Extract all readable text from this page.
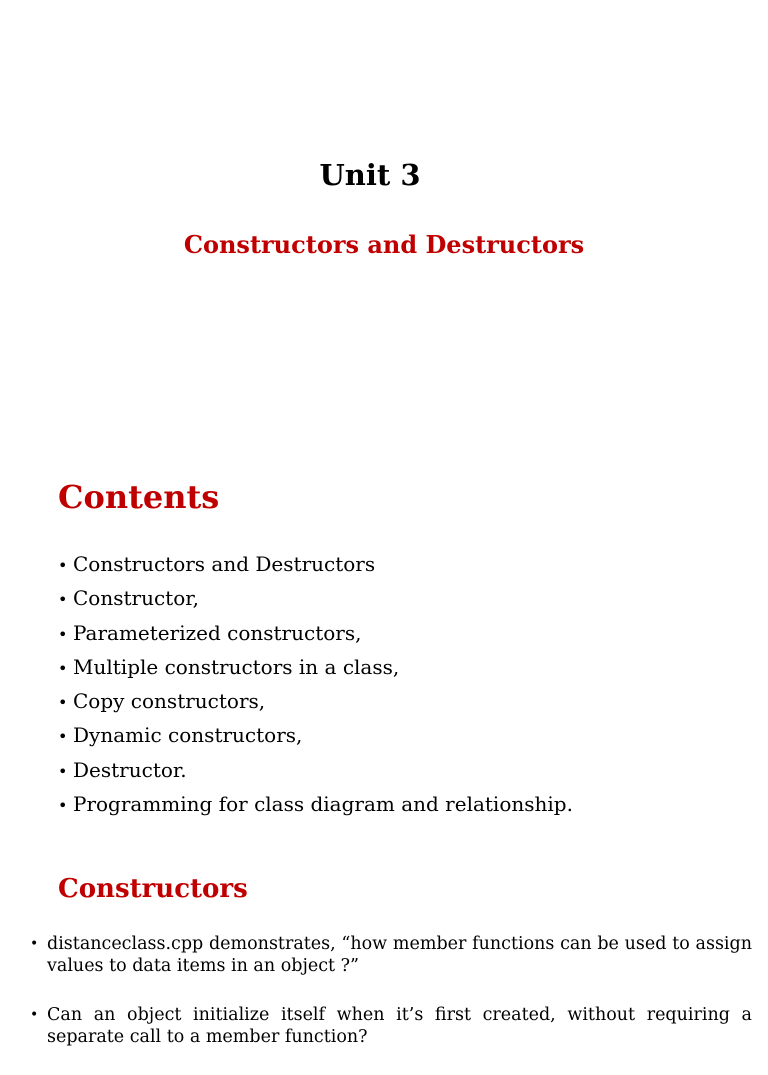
Unit 3
Constructors and Destructors
Contents
• Constructors and Destructors
• Constructor,
• Parameterized constructors,
• Multiple constructors in a class,
• Copy constructors,
• Dynamic constructors,
• Destructor.
• Programming for class diagram and relationship.
Constructors
• distanceclass.cpp demonstrates, “how member functions can be used to assign values to data items in an object ?”
• Can an object initialize itself when it’s first created, without requiring a separate call to a member function?
